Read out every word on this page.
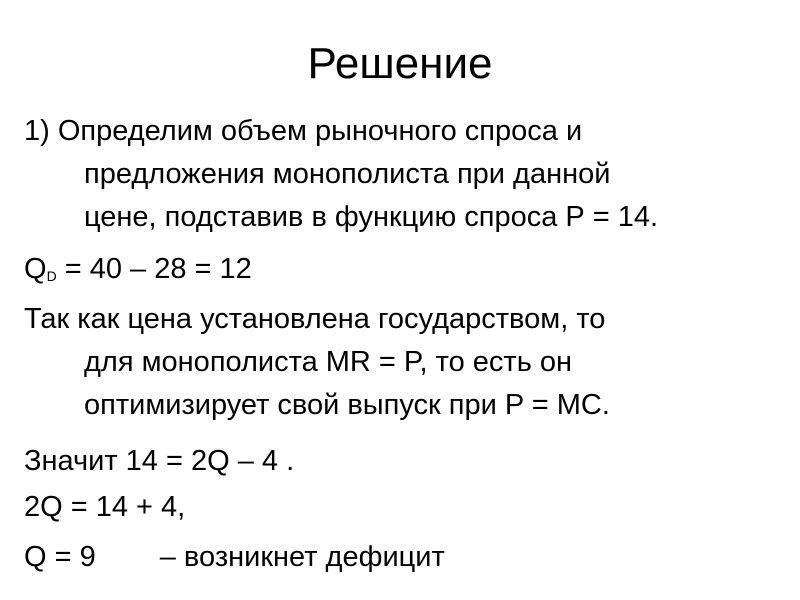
Решение
1) Определим объем рыночного спроса и
предложения монополиста при данной
цене, подставив в функцию спроса Р = 14.
$Q_D = 40 - 28 = 12$
Так как цена установлена государством, то
для монополиста MR = P, то есть он
оптимизирует свой выпуск при P = MC.
Значит 14 = 2Q – 4 .
2Q = 14 + 4,
Q = 9 – возникнет дефицит
